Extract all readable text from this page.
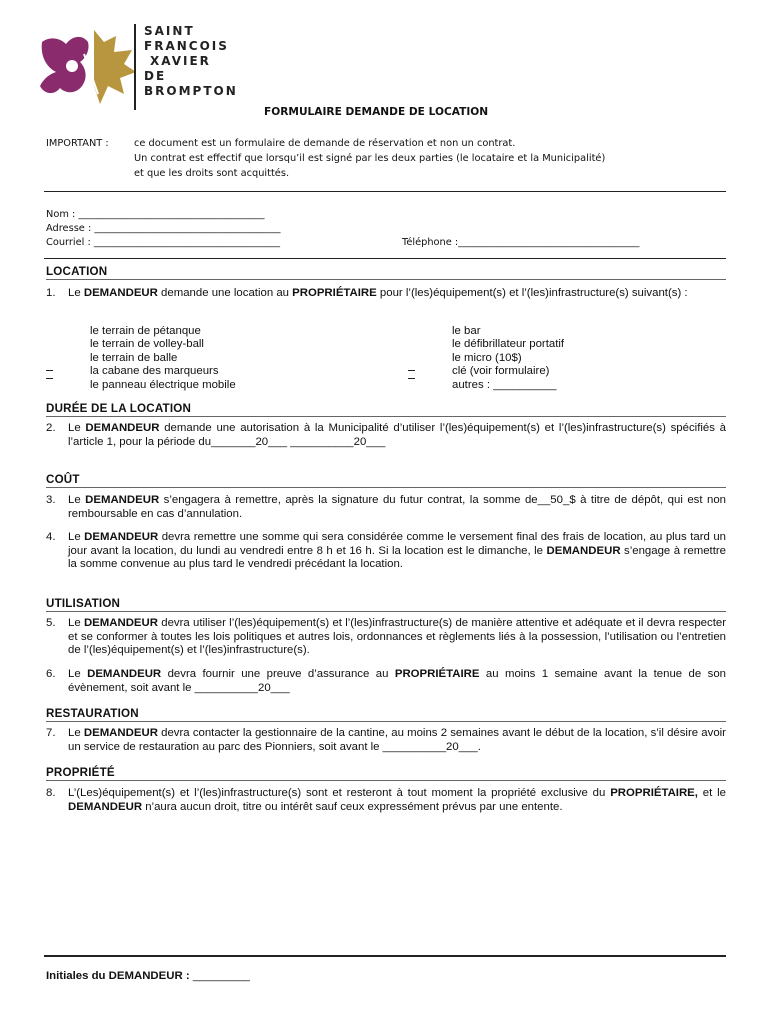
SAINT
FRANCOIS
XAVIER
DE
BROMPTON
FORMULAIRE DEMANDE DE LOCATION
IMPORTANT :	ce document est un formulaire de demande de réservation et non un contrat.
Un contrat est effectif que lorsqu’il est signé par les deux parties (le locataire et la Municipalité)
et que les droits sont acquittés.
Nom : ______________________________________
Adresse : ______________________________________
Courriel : ______________________________________	Téléphone :_____________________________________
LOCATION
1. Le DEMANDEUR demande une location au PROPRIÉTAIRE pour l’(les)équipement(s) et l’(les)infrastructure(s) suivant(s) :
le terrain de pétanque
le terrain de volley-ball
le terrain de balle
la cabane des marqueurs
le panneau électrique mobile
le bar
le défibrillateur portatif
le micro (10$)
clé (voir formulaire)
autres : __________
DURÉE DE LA LOCATION
2. Le DEMANDEUR demande une autorisation à la Municipalité d’utiliser l’(les)équipement(s) et l’(les)infrastructure(s) spécifiés à l’article 1, pour la période du_______20___ __________20___
COÛT
3. Le DEMANDEUR s’engagera à remettre, après la signature du futur contrat, la somme de__50_$ à titre de dépôt, qui est non remboursable en cas d’annulation.
4. Le DEMANDEUR devra remettre une somme qui sera considérée comme le versement final des frais de location, au plus tard un jour avant la location, du lundi au vendredi entre 8 h et 16 h. Si la location est le dimanche, le DEMANDEUR s’engage à remettre la somme convenue au plus tard le vendredi précédant la location.
UTILISATION
5. Le DEMANDEUR devra utiliser l’(les)équipement(s) et l’(les)infrastructure(s) de manière attentive et adéquate et il devra respecter et se conformer à toutes les lois politiques et autres lois, ordonnances et règlements liés à la possession, l’utilisation ou l’entretien de l’(les)équipement(s) et l’(les)infrastructure(s).
6. Le DEMANDEUR devra fournir une preuve d’assurance au PROPRIÉTAIRE au moins 1 semaine avant la tenue de son évènement, soit avant le __________20___
RESTAURATION
7. Le DEMANDEUR devra contacter la gestionnaire de la cantine, au moins 2 semaines avant le début de la location, s’il désire avoir un service de restauration au parc des Pionniers, soit avant le __________20___.
PROPRIÉTÉ
8. L’(Les)équipement(s) et l’(les)infrastructure(s) sont et resteront à tout moment la propriété exclusive du PROPRIÉTAIRE, et le DEMANDEUR n’aura aucun droit, titre ou intérêt sauf ceux expressément prévus par une entente.
Initiales du DEMANDEUR : _________
